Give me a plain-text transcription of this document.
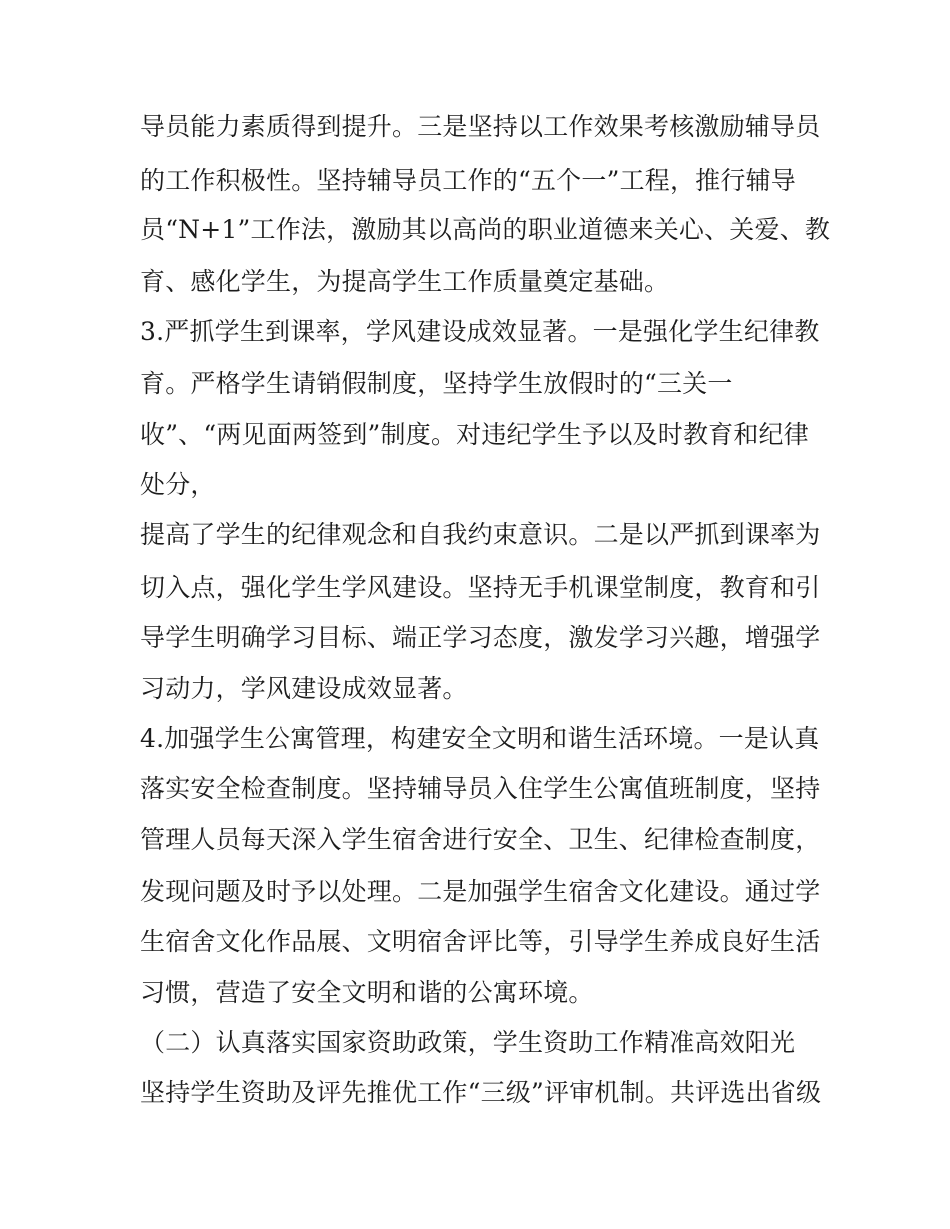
导员能力素质得到提升。三是坚持以工作效果考核激励辅导员
的工作积极性。坚持辅导员工作的“五个一”工程，推行辅导
员“N+1”工作法，激励其以高尚的职业道德来关心、关爱、教
育、感化学生，为提高学生工作质量奠定基础。
3.严抓学生到课率，学风建设成效显著。一是强化学生纪律教
育。严格学生请销假制度，坚持学生放假时的“三关一
收”、“两见面两签到”制度。对违纪学生予以及时教育和纪律
处分，
提高了学生的纪律观念和自我约束意识。二是以严抓到课率为
切入点，强化学生学风建设。坚持无手机课堂制度，教育和引
导学生明确学习目标、端正学习态度，激发学习兴趣，增强学
习动力，学风建设成效显著。
4.加强学生公寓管理，构建安全文明和谐生活环境。一是认真
落实安全检查制度。坚持辅导员入住学生公寓值班制度，坚持
管理人员每天深入学生宿舍进行安全、卫生、纪律检查制度，
发现问题及时予以处理。二是加强学生宿舍文化建设。通过学
生宿舍文化作品展、文明宿舍评比等，引导学生养成良好生活
习惯，营造了安全文明和谐的公寓环境。
（二）认真落实国家资助政策，学生资助工作精准高效阳光
坚持学生资助及评先推优工作“三级”评审机制。共评选出省级
